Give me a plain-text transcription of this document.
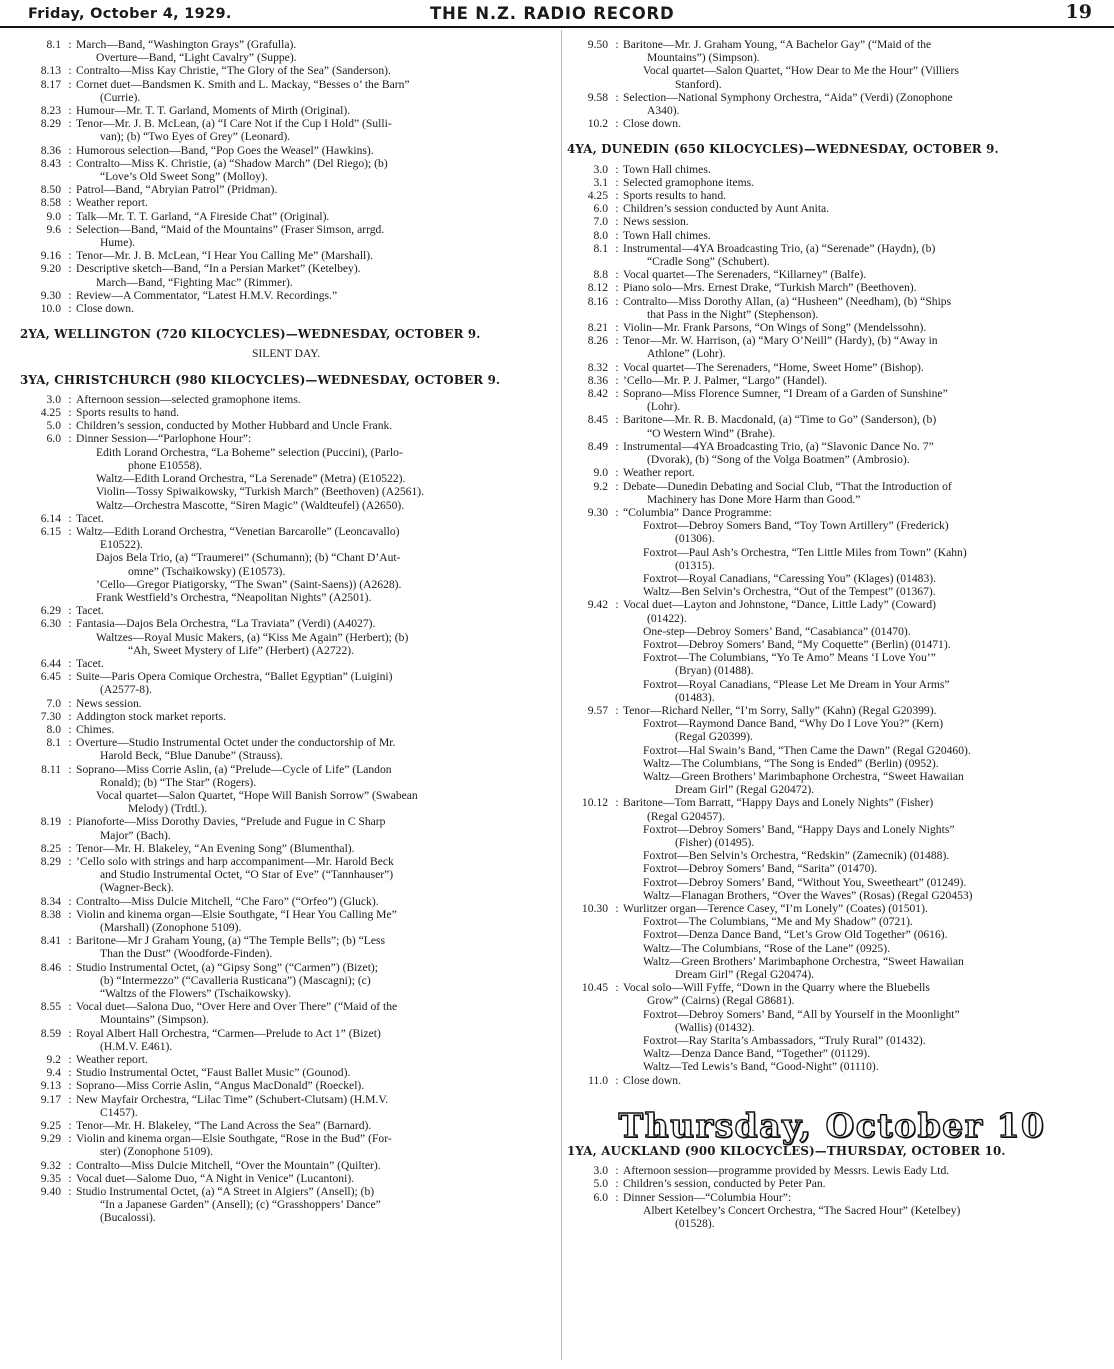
Friday, October 4, 1929.	THE N.Z. RADIO RECORD	19
8.1 : March—Band, “Washington Grays” (Grafulla).
Overture—Band, “Light Cavalry” (Suppe).
8.13 : Contralto—Miss Kay Christie, “The Glory of the Sea” (Sanderson).
8.17 : Cornet duet—Bandsmen K. Smith and L. Mackay, “Besses o’ the Barn”
(Currie).
8.23 : Humour—Mr. T. T. Garland, Moments of Mirth (Original).
8.29 : Tenor—Mr. J. B. McLean, (a) “I Care Not if the Cup I Hold” (Sulli-
van); (b) “Two Eyes of Grey” (Leonard).
8.36 : Humorous selection—Band, “Pop Goes the Weasel” (Hawkins).
8.43 : Contralto—Miss K. Christie, (a) “Shadow March” (Del Riego); (b)
“Love’s Old Sweet Song” (Molloy).
8.50 : Patrol—Band, “Abryian Patrol” (Pridman).
8.58 : Weather report.
9.0 : Talk—Mr. T. T. Garland, “A Fireside Chat” (Original).
9.6 : Selection—Band, “Maid of the Mountains” (Fraser Simson, arrgd.
Hume).
9.16 : Tenor—Mr. J. B. McLean, “I Hear You Calling Me” (Marshall).
9.20 : Descriptive sketch—Band, “In a Persian Market” (Ketelbey).
March—Band, “Fighting Mac” (Rimmer).
9.30 : Review—A Commentator, “Latest H.M.V. Recordings.”
10.0 : Close down.
2YA, WELLINGTON (720 KILOCYCLES)—WEDNESDAY, OCTOBER 9.
SILENT DAY.
3YA, CHRISTCHURCH (980 KILOCYCLES)—WEDNESDAY, OCTOBER 9.
3.0 : Afternoon session—selected gramophone items.
4.25 : Sports results to hand.
5.0 : Children’s session, conducted by Mother Hubbard and Uncle Frank.
6.0 : Dinner Session—“Parlophone Hour”:
Edith Lorand Orchestra, “La Boheme” selection (Puccini), (Parlo-
phone E10558).
Waltz—Edith Lorand Orchestra, “La Serenade” (Metra) (E10522).
Violin—Tossy Spiwaikowsky, “Turkish March” (Beethoven) (A2561).
Waltz—Orchestra Mascotte, “Siren Magic” (Waldteufel) (A2650).
6.14 : Tacet.
6.15 : Waltz—Edith Lorand Orchestra, “Venetian Barcarolle” (Leoncavallo)
E10522).
Dajos Bela Trio, (a) “Traumerei” (Schumann); (b) “Chant D’Aut-
omne” (Tschaikowsky) (E10573).
’Cello—Gregor Piatigorsky, “The Swan” (Saint-Saens)) (A2628).
Frank Westfield’s Orchestra, “Neapolitan Nights” (A2501).
6.29 : Tacet.
6.30 : Fantasia—Dajos Bela Orchestra, “La Traviata” (Verdi) (A4027).
Waltzes—Royal Music Makers, (a) “Kiss Me Again” (Herbert); (b)
“Ah, Sweet Mystery of Life” (Herbert) (A2722).
6.44 : Tacet.
6.45 : Suite—Paris Opera Comique Orchestra, “Ballet Egyptian” (Luigini)
(A2577-8).
7.0 : News session.
7.30 : Addington stock market reports.
8.0 : Chimes.
8.1 : Overture—Studio Instrumental Octet under the conductorship of Mr.
Harold Beck, “Blue Danube” (Strauss).
8.11 : Soprano—Miss Corrie Aslin, (a) “Prelude—Cycle of Life” (Landon
Ronald); (b) “The Star” (Rogers).
Vocal quartet—Salon Quartet, “Hope Will Banish Sorrow” (Swabean
Melody) (Trdtl.).
8.19 : Pianoforte—Miss Dorothy Davies, “Prelude and Fugue in C Sharp
Major” (Bach).
8.25 : Tenor—Mr. H. Blakeley, “An Evening Song” (Blumenthal).
8.29 : ’Cello solo with strings and harp accompaniment—Mr. Harold Beck
and Studio Instrumental Octet, “O Star of Eve” (“Tannhauser”)
(Wagner-Beck).
8.34 : Contralto—Miss Dulcie Mitchell, “Che Faro” (“Orfeo”) (Gluck).
8.38 : Violin and kinema organ—Elsie Southgate, “I Hear You Calling Me”
(Marshall) (Zonophone 5109).
8.41 : Baritone—Mr J Graham Young, (a) “The Temple Bells”; (b) “Less
Than the Dust” (Woodforde-Finden).
8.46 : Studio Instrumental Octet, (a) “Gipsy Song” (“Carmen”) (Bizet);
(b) “Intermezzo” (“Cavalleria Rusticana”) (Mascagni); (c)
“Waltzs of the Flowers” (Tschaikowsky).
8.55 : Vocal duet—Salona Duo, “Over Here and Over There” (“Maid of the
Mountains” (Simpson).
8.59 : Royal Albert Hall Orchestra, “Carmen—Prelude to Act 1” (Bizet)
(H.M.V. E461).
9.2 : Weather report.
9.4 : Studio Instrumental Octet, “Faust Ballet Music” (Gounod).
9.13 : Soprano—Miss Corrie Aslin, “Angus MacDonald” (Roeckel).
9.17 : New Mayfair Orchestra, “Lilac Time” (Schubert-Clutsam) (H.M.V.
C1457).
9.25 : Tenor—Mr. H. Blakeley, “The Land Across the Sea” (Barnard).
9.29 : Violin and kinema organ—Elsie Southgate, “Rose in the Bud” (For-
ster) (Zonophone 5109).
9.32 : Contralto—Miss Dulcie Mitchell, “Over the Mountain” (Quilter).
9.35 : Vocal duet—Salome Duo, “A Night in Venice” (Lucantoni).
9.40 : Studio Instrumental Octet, (a) “A Street in Algiers” (Ansell); (b)
“In a Japanese Garden” (Ansell); (c) “Grasshoppers’ Dance”
(Bucalossi).
9.50 : Baritone—Mr. J. Graham Young, “A Bachelor Gay” (“Maid of the
Mountains”) (Simpson).
Vocal quartet—Salon Quartet, “How Dear to Me the Hour” (Villiers
Stanford).
9.58 : Selection—National Symphony Orchestra, “Aida” (Verdi) (Zonophone
A340).
10.2 : Close down.
4YA, DUNEDIN (650 KILOCYCLES)—WEDNESDAY, OCTOBER 9.
3.0 : Town Hall chimes.
3.1 : Selected gramophone items.
4.25 : Sports results to hand.
6.0 : Children’s session conducted by Aunt Anita.
7.0 : News session.
8.0 : Town Hall chimes.
8.1 : Instrumental—4YA Broadcasting Trio, (a) “Serenade” (Haydn), (b)
“Cradle Song” (Schubert).
8.8 : Vocal quartet—The Serenaders, “Killarney” (Balfe).
8.12 : Piano solo—Mrs. Ernest Drake, “Turkish March” (Beethoven).
8.16 : Contralto—Miss Dorothy Allan, (a) “Husheen” (Needham), (b) “Ships
that Pass in the Night” (Stephenson).
8.21 : Violin—Mr. Frank Parsons, “On Wings of Song” (Mendelssohn).
8.26 : Tenor—Mr. W. Harrison, (a) “Mary O’Neill” (Hardy), (b) “Away in
Athlone” (Lohr).
8.32 : Vocal quartet—The Serenaders, “Home, Sweet Home” (Bishop).
8.36 : ’Cello—Mr. P. J. Palmer, “Largo” (Handel).
8.42 : Soprano—Miss Florence Sumner, “I Dream of a Garden of Sunshine”
(Lohr).
8.45 : Baritone—Mr. R. B. Macdonald, (a) “Time to Go” (Sanderson), (b)
“O Western Wind” (Brahe).
8.49 : Instrumental—4YA Broadcasting Trio, (a) “Slavonic Dance No. 7”
(Dvorak), (b) “Song of the Volga Boatmen” (Ambrosio).
9.0 : Weather report.
9.2 : Debate—Dunedin Debating and Social Club, “That the Introduction of
Machinery has Done More Harm than Good.”
9.30 : “Columbia” Dance Programme:
Foxtrot—Debroy Somers Band, “Toy Town Artillery” (Frederick)
(01306).
Foxtrot—Paul Ash’s Orchestra, “Ten Little Miles from Town” (Kahn)
(01315).
Foxtrot—Royal Canadians, “Caressing You” (Klages) (01483).
Waltz—Ben Selvin’s Orchestra, “Out of the Tempest” (01367).
9.42 : Vocal duet—Layton and Johnstone, “Dance, Little Lady” (Coward)
(01422).
One-step—Debroy Somers’ Band, “Casabianca” (01470).
Foxtrot—Debroy Somers’ Band, “My Coquette” (Berlin) (01471).
Foxtrot—The Columbians, “Yo Te Amo” Means ‘I Love You’”
(Bryan) (01488).
Foxtrot—Royal Canadians, “Please Let Me Dream in Your Arms”
(01483).
9.57 : Tenor—Richard Neller, “I’m Sorry, Sally” (Kahn) (Regal G20399).
Foxtrot—Raymond Dance Band, “Why Do I Love You?” (Kern)
(Regal G20399).
Foxtrot—Hal Swain’s Band, “Then Came the Dawn” (Regal G20460).
Waltz—The Columbians, “The Song is Ended” (Berlin) (0952).
Waltz—Green Brothers’ Marimbaphone Orchestra, “Sweet Hawaiian
Dream Girl” (Regal G20472).
10.12 : Baritone—Tom Barratt, “Happy Days and Lonely Nights” (Fisher)
(Regal G20457).
Foxtrot—Debroy Somers’ Band, “Happy Days and Lonely Nights”
(Fisher) (01495).
Foxtrot—Ben Selvin’s Orchestra, “Redskin” (Zamecnik) (01488).
Foxtrot—Debroy Somers’ Band, “Sarita” (01470).
Foxtrot—Debroy Somers’ Band, “Without You, Sweetheart” (01249).
Waltz—Flanagan Brothers, “Over the Waves” (Rosas) (Regal G20453)
10.30 : Wurlitzer organ—Terence Casey, “I’m Lonely” (Coates) (01501).
Foxtrot—The Columbians, “Me and My Shadow” (0721).
Foxtrot—Denza Dance Band, “Let’s Grow Old Together” (0616).
Waltz—The Columbians, “Rose of the Lane” (0925).
Waltz—Green Brothers’ Marimbaphone Orchestra, “Sweet Hawaiian
Dream Girl” (Regal G20474).
10.45 : Vocal solo—Will Fyffe, “Down in the Quarry where the Bluebells
Grow” (Cairns) (Regal G8681).
Foxtrot—Debroy Somers’ Band, “All by Yourself in the Moonlight”
(Wallis) (01432).
Foxtrot—Ray Starita’s Ambassadors, “Truly Rural” (01432).
Waltz—Denza Dance Band, “Together” (01129).
Waltz—Ted Lewis’s Band, “Good-Night” (01110).
11.0 : Close down.
Thursday, October 10
1YA, AUCKLAND (900 KILOCYCLES)—THURSDAY, OCTOBER 10.
3.0 : Afternoon session—programme provided by Messrs. Lewis Eady Ltd.
5.0 : Children’s session, conducted by Peter Pan.
6.0 : Dinner Session—“Columbia Hour”:
Albert Ketelbey’s Concert Orchestra, “The Sacred Hour” (Ketelbey)
(01528).
